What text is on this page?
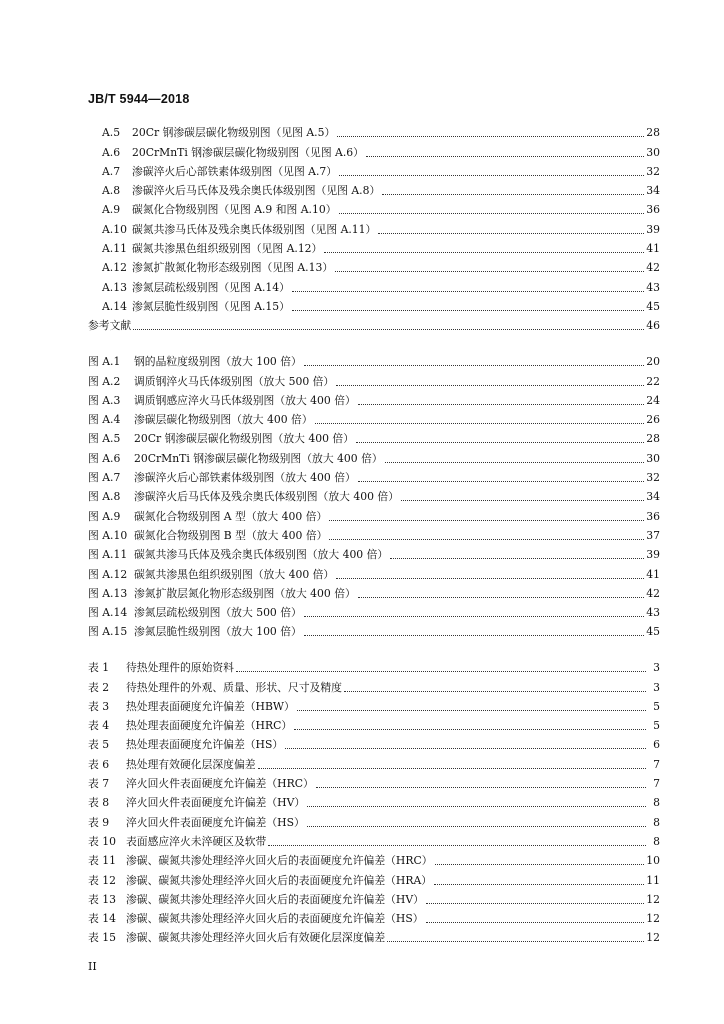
JB/T 5944—2018
A.5 20Cr 钢渗碳层碳化物级别图（见图 A.5）	28
A.6 20CrMnTi 钢渗碳层碳化物级别图（见图 A.6）	30
A.7 渗碳淬火后心部铁素体级别图（见图 A.7）	32
A.8 渗碳淬火后马氏体及残余奥氏体级别图（见图 A.8）	34
A.9 碳氮化合物级别图（见图 A.9 和图 A.10）	36
A.10 碳氮共渗马氏体及残余奥氏体级别图（见图 A.11）	39
A.11 碳氮共渗黑色组织级别图（见图 A.12）	41
A.12 渗氮扩散氮化物形态级别图（见图 A.13）	42
A.13 渗氮层疏松级别图（见图 A.14）	43
A.14 渗氮层脆性级别图（见图 A.15）	45
参考文献	46
图 A.1 钢的晶粒度级别图（放大 100 倍）	20
图 A.2 调质钢淬火马氏体级别图（放大 500 倍）	22
图 A.3 调质钢感应淬火马氏体级别图（放大 400 倍）	24
图 A.4 渗碳层碳化物级别图（放大 400 倍）	26
图 A.5 20Cr 钢渗碳层碳化物级别图（放大 400 倍）	28
图 A.6 20CrMnTi 钢渗碳层碳化物级别图（放大 400 倍）	30
图 A.7 渗碳淬火后心部铁素体级别图（放大 400 倍）	32
图 A.8 渗碳淬火后马氏体及残余奥氏体级别图（放大 400 倍）	34
图 A.9 碳氮化合物级别图 A 型（放大 400 倍）	36
图 A.10 碳氮化合物级别图 B 型（放大 400 倍）	37
图 A.11 碳氮共渗马氏体及残余奥氏体级别图（放大 400 倍）	39
图 A.12 碳氮共渗黑色组织级别图（放大 400 倍）	41
图 A.13 渗氮扩散层氮化物形态级别图（放大 400 倍）	42
图 A.14 渗氮层疏松级别图（放大 500 倍）	43
图 A.15 渗氮层脆性级别图（放大 100 倍）	45
表 1 待热处理件的原始资料	3
表 2 待热处理件的外观、质量、形状、尺寸及精度	3
表 3 热处理表面硬度允许偏差（HBW）	5
表 4 热处理表面硬度允许偏差（HRC）	5
表 5 热处理表面硬度允许偏差（HS）	6
表 6 热处理有效硬化层深度偏差	7
表 7 淬火回火件表面硬度允许偏差（HRC）	7
表 8 淬火回火件表面硬度允许偏差（HV）	8
表 9 淬火回火件表面硬度允许偏差（HS）	8
表 10 表面感应淬火未淬硬区及软带	8
表 11 渗碳、碳氮共渗处理经淬火回火后的表面硬度允许偏差（HRC）	10
表 12 渗碳、碳氮共渗处理经淬火回火后的表面硬度允许偏差（HRA）	11
表 13 渗碳、碳氮共渗处理经淬火回火后的表面硬度允许偏差（HV）	12
表 14 渗碳、碳氮共渗处理经淬火回火后的表面硬度允许偏差（HS）	12
表 15 渗碳、碳氮共渗处理经淬火回火后有效硬化层深度偏差	12
II
